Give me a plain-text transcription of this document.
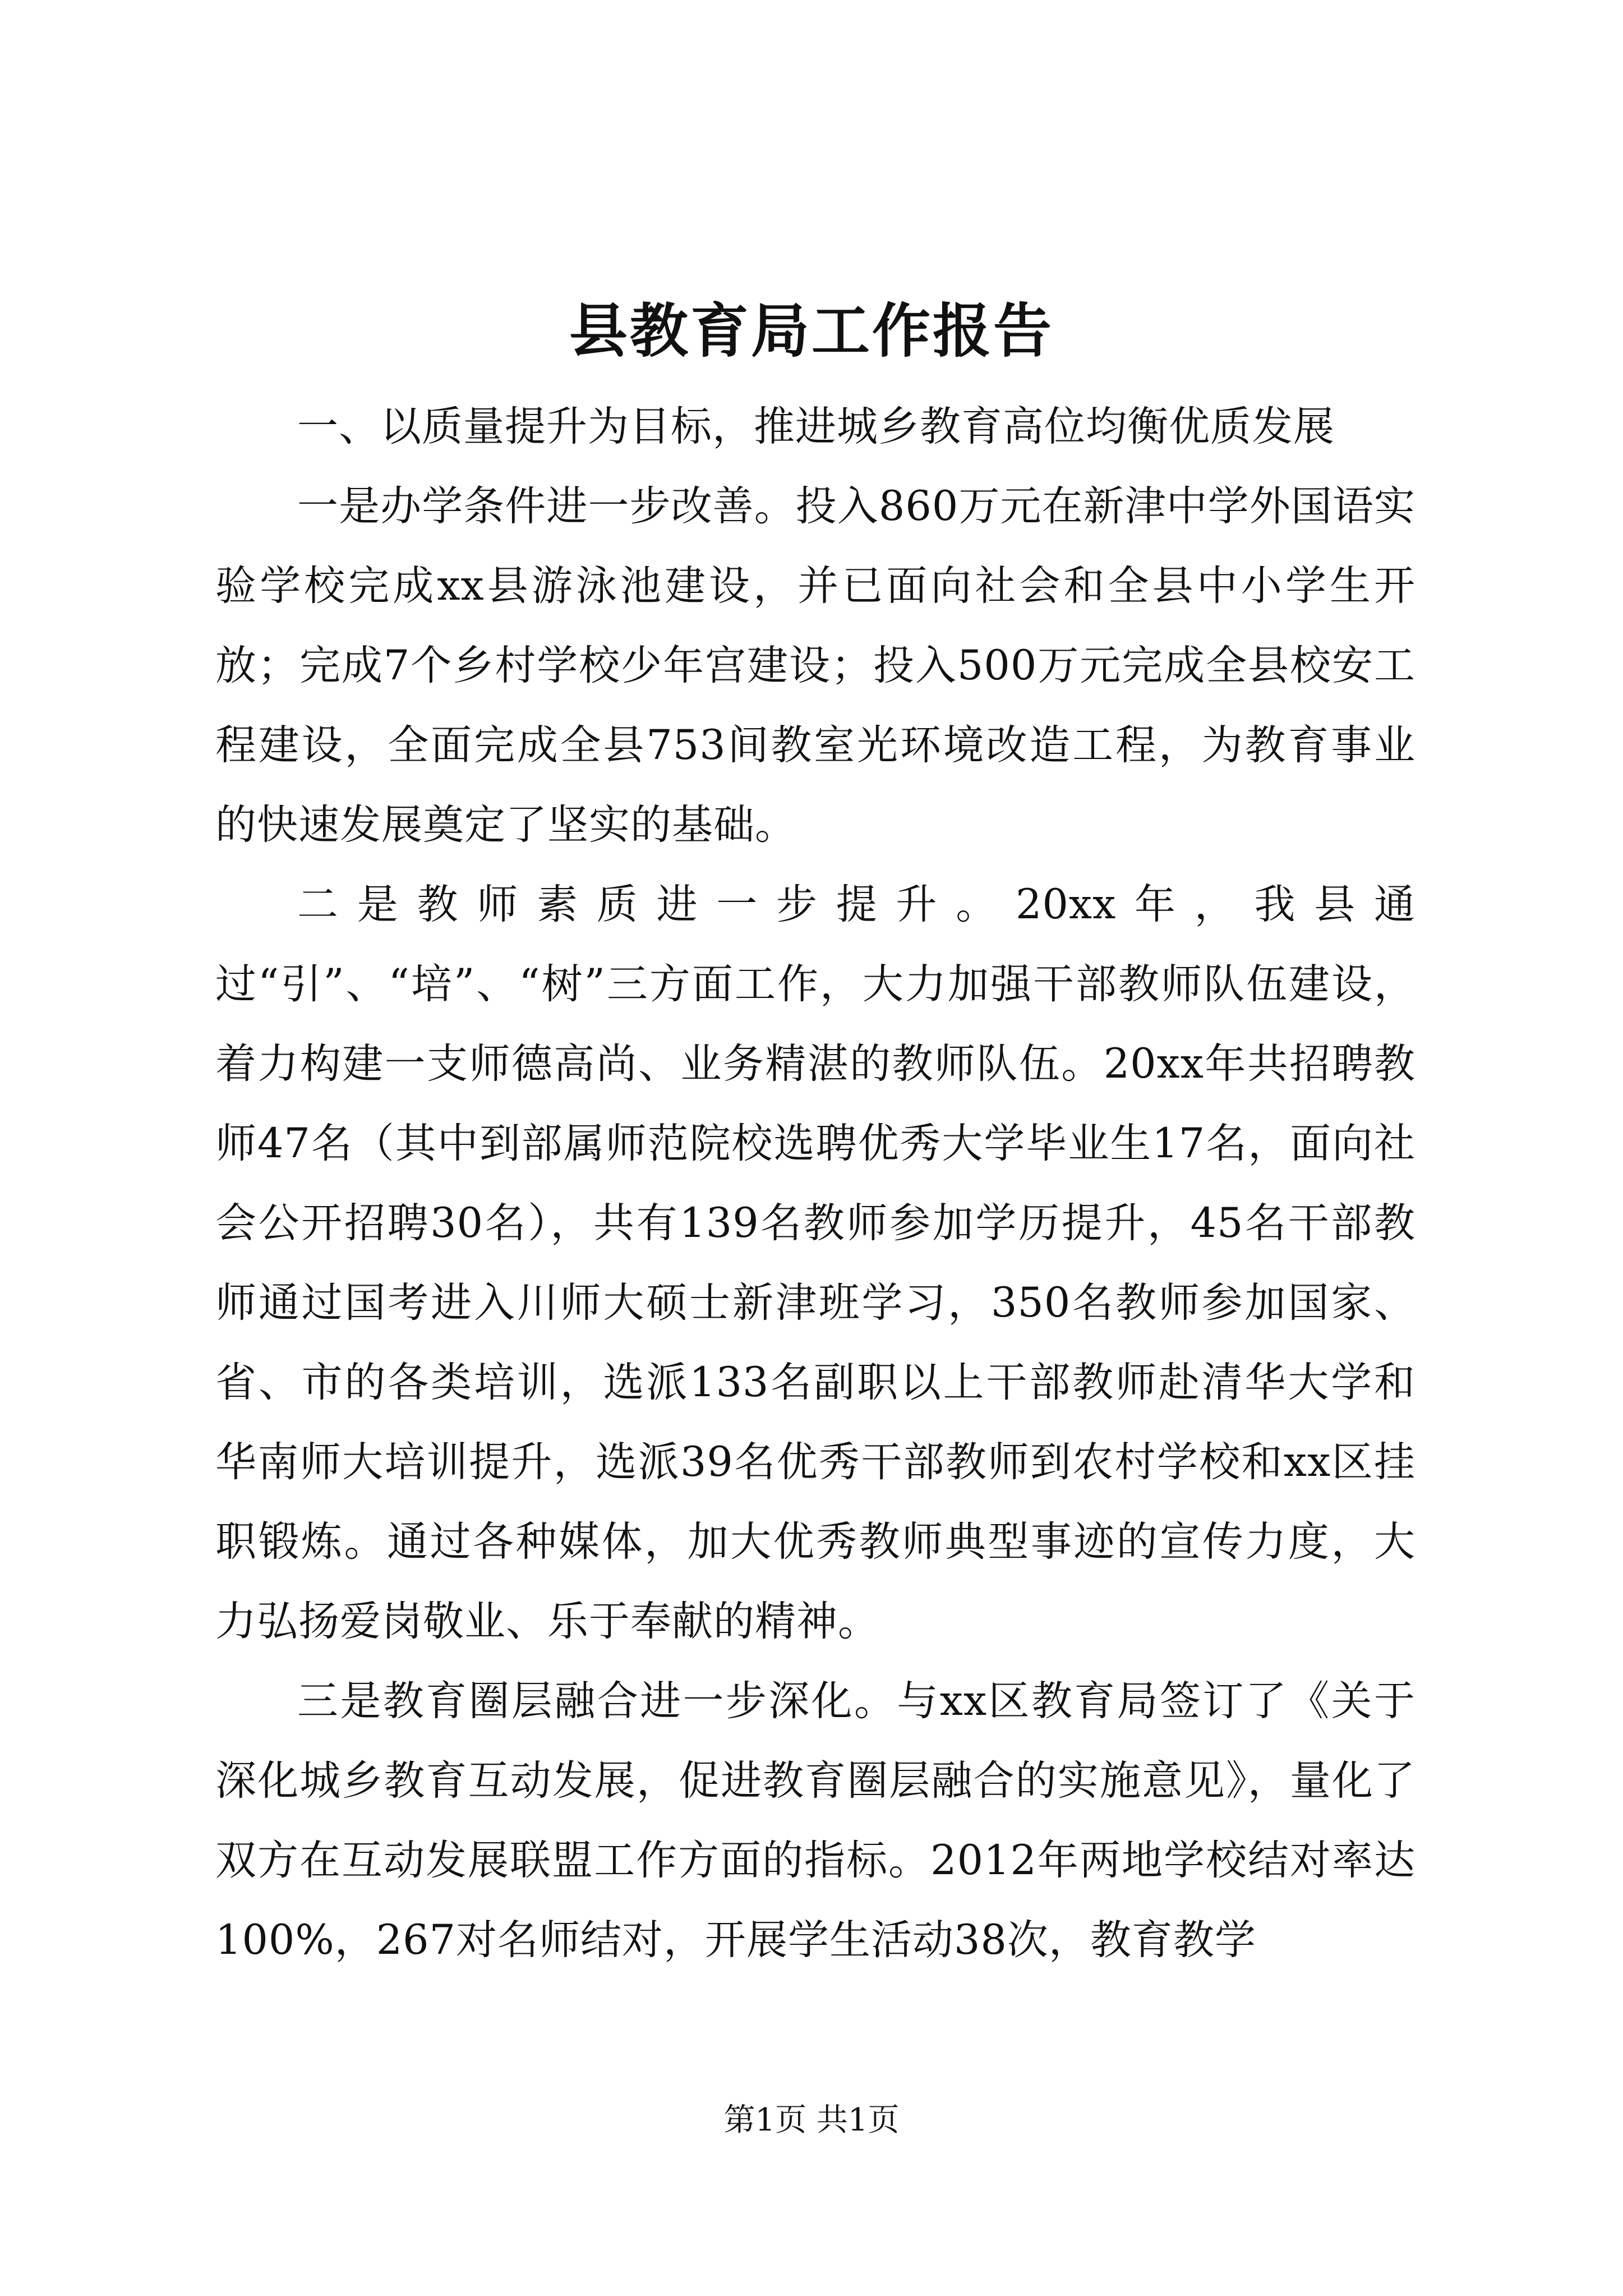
县教育局工作报告

一、以质量提升为目标，推进城乡教育高位均衡优质发展

一是办学条件进一步改善。投入860万元在新津中学外国语实验学校完成xx县游泳池建设，并已面向社会和全县中小学生开放；完成7个乡村学校少年宫建设；投入500万元完成全县校安工程建设，全面完成全县753间教室光环境改造工程，为教育事业的快速发展奠定了坚实的基础。

二是教师素质进一步提升。20xx年，我县通过“引”、“培”、“树”三方面工作，大力加强干部教师队伍建设，着力构建一支师德高尚、业务精湛的教师队伍。20xx年共招聘教师47名（其中到部属师范院校选聘优秀大学毕业生17名，面向社会公开招聘30名），共有139名教师参加学历提升，45名干部教师通过国考进入川师大硕士新津班学习，350名教师参加国家、省、市的各类培训，选派133名副职以上干部教师赴清华大学和华南师大培训提升，选派39名优秀干部教师到农村学校和xx区挂职锻炼。通过各种媒体，加大优秀教师典型事迹的宣传力度，大力弘扬爱岗敬业、乐于奉献的精神。

三是教育圈层融合进一步深化。与xx区教育局签订了《关于深化城乡教育互动发展，促进教育圈层融合的实施意见》，量化了双方在互动发展联盟工作方面的指标。2012年两地学校结对率达100%，267对名师结对，开展学生活动38次，教育教学

第1页 共1页
